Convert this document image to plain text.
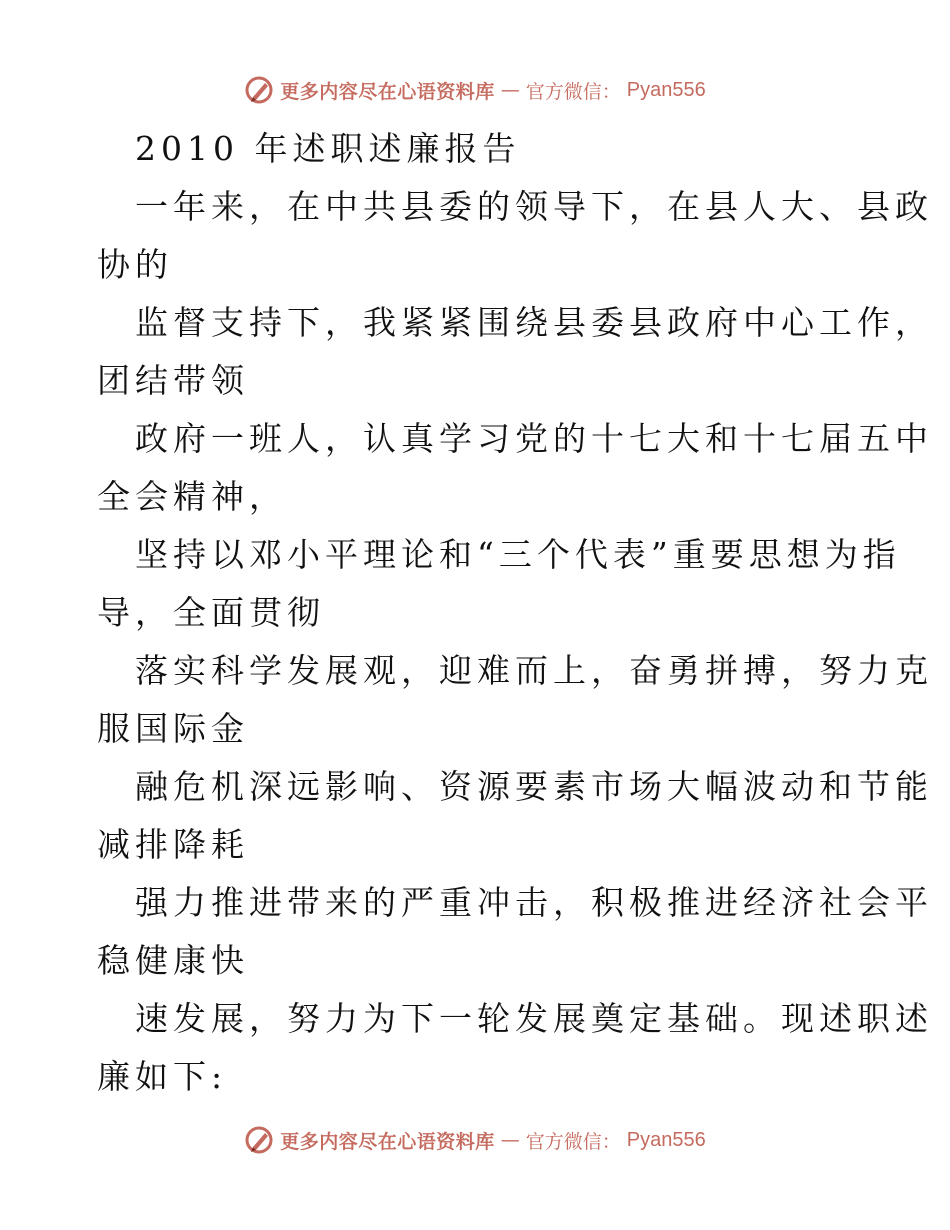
更多内容尽在心语资料库 — 官方微信： Pyan556
2010 年述职述廉报告
一年来，在中共县委的领导下，在县人大、县政
协的
监督支持下，我紧紧围绕县委县政府中心工作，
团结带领
政府一班人，认真学习党的十七大和十七届五中
全会精神，
坚持以邓小平理论和“三个代表”重要思想为指
导，全面贯彻
落实科学发展观，迎难而上，奋勇拼搏，努力克
服国际金
融危机深远影响、资源要素市场大幅波动和节能
减排降耗
强力推进带来的严重冲击，积极推进经济社会平
稳健康快
速发展，努力为下一轮发展奠定基础。现述职述
廉如下:
更多内容尽在心语资料库 — 官方微信： Pyan556
